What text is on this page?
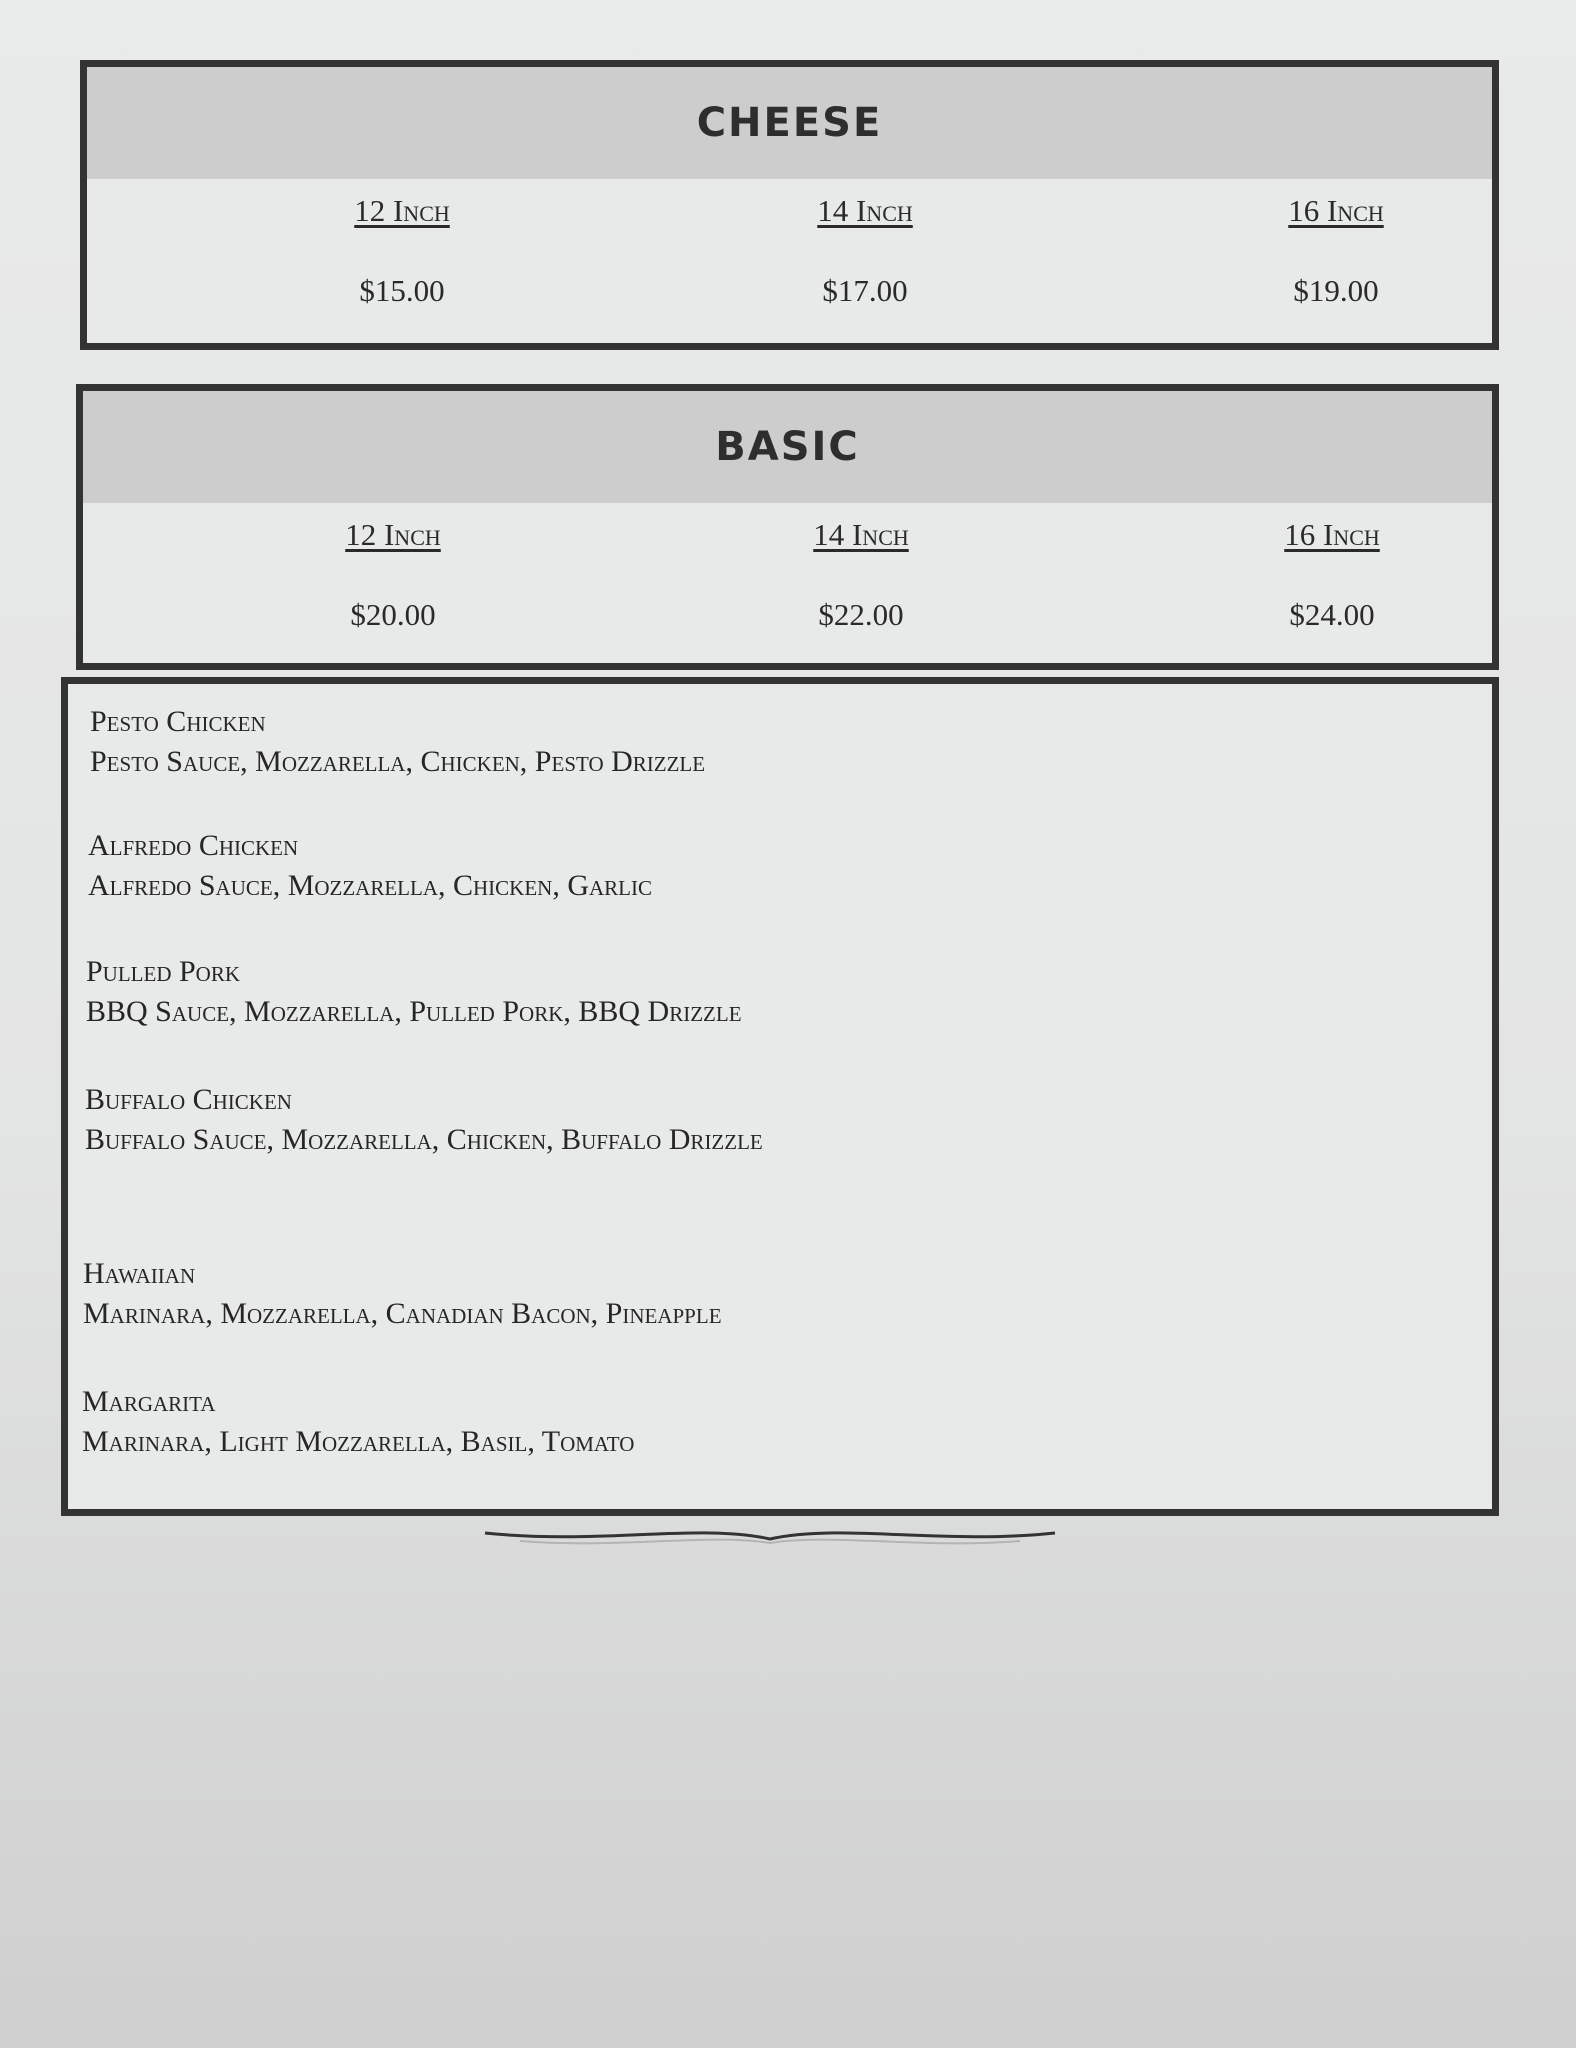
CHEESE
12 Inch
$15.00
14 Inch
$17.00
16 Inch
$19.00
BASIC
12 Inch
$20.00
14 Inch
$22.00
16 Inch
$24.00
Pesto Chicken
Pesto Sauce, Mozzarella, Chicken, Pesto Drizzle
Alfredo Chicken
Alfredo Sauce, Mozzarella, Chicken, Garlic
Pulled Pork
BBQ Sauce, Mozzarella, Pulled Pork, BBQ Drizzle
Buffalo Chicken
Buffalo Sauce, Mozzarella, Chicken, Buffalo Drizzle
Hawaiian
Marinara, Mozzarella, Canadian Bacon, Pineapple
Margarita
Marinara, Light Mozzarella, Basil, Tomato
